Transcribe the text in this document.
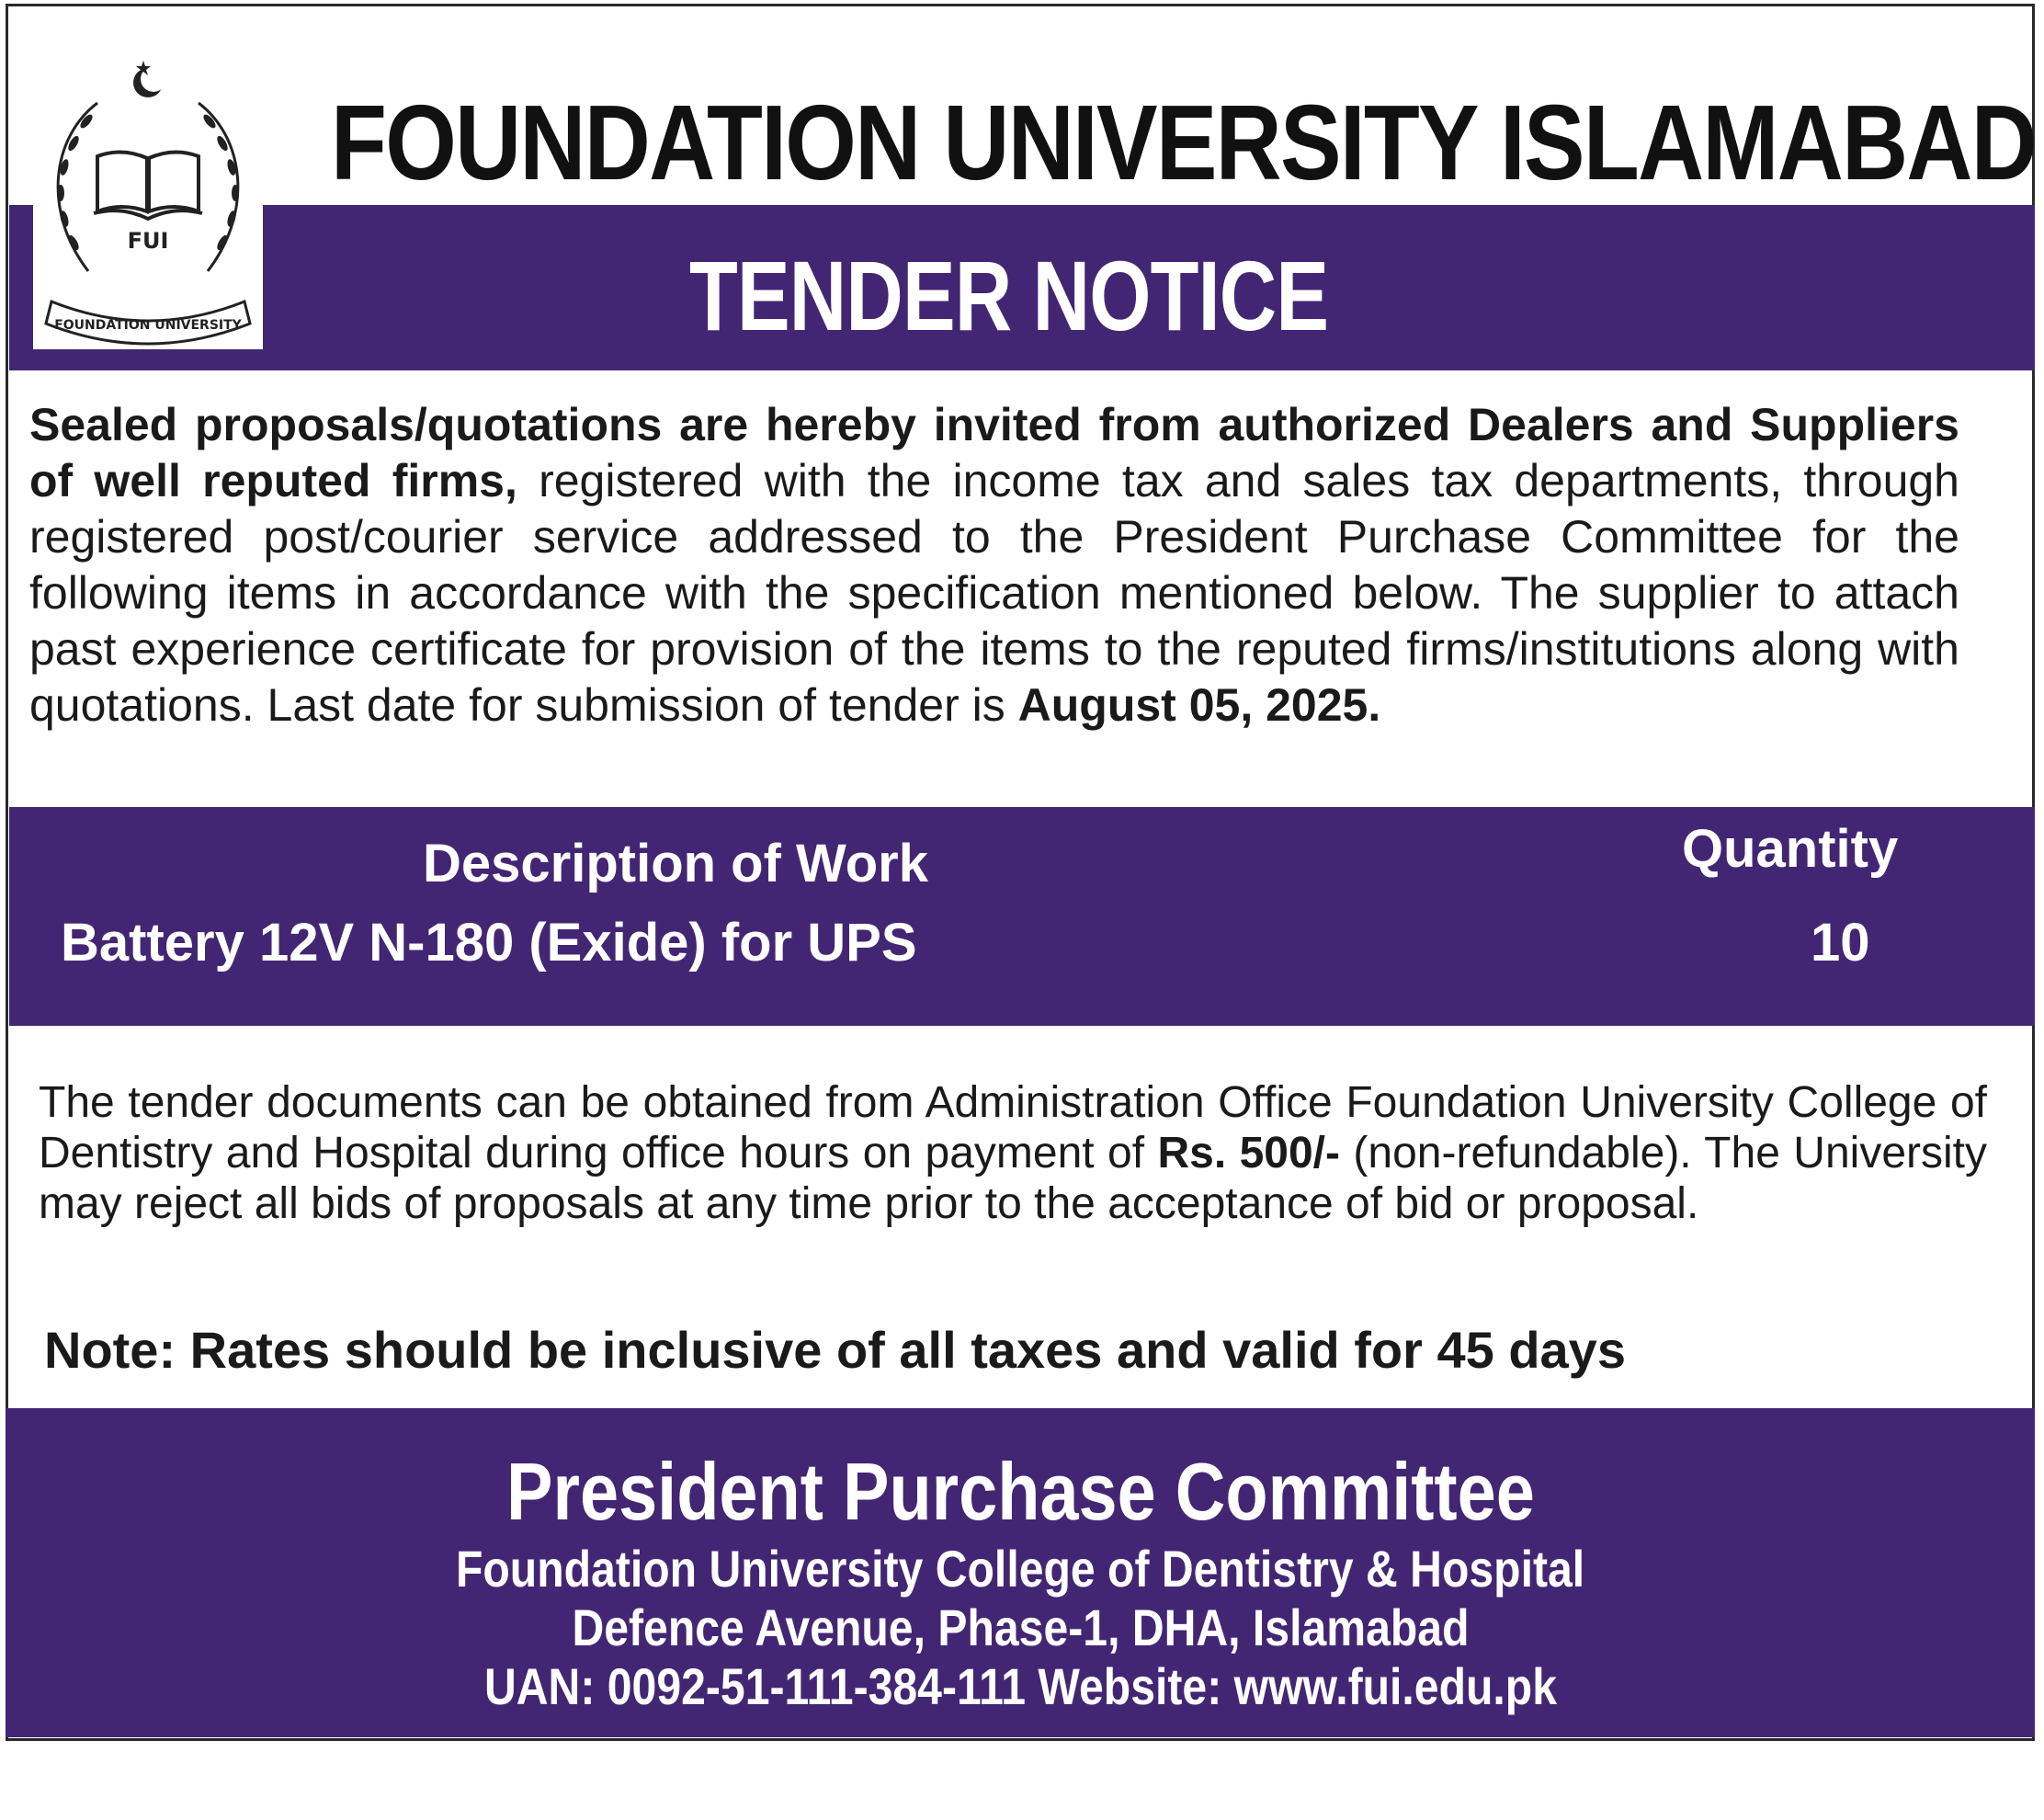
TENDER NOTICE
FOUNDATION UNIVERSITY ISLAMABAD
FUI
FOUNDATION UNIVERSITY
Sealed proposals/quotations are hereby invited from authorized Dealers and Suppliers of well reputed firms, registered with the income tax and sales tax departments, through registered post/courier service addressed to the President Purchase Committee for the following items in accordance with the specification mentioned below. The supplier to attach past experience certificate for provision of the items to the reputed firms/institutions along with quotations. Last date for submission of tender is August 05, 2025.
Description of Work	Quantity
Battery 12V N-180 (Exide) for UPS	10
The tender documents can be obtained from Administration Office Foundation University College of Dentistry and Hospital during office hours on payment of Rs. 500/- (non-refundable). The University may reject all bids of proposals at any time prior to the acceptance of bid or proposal.
Note: Rates should be inclusive of all taxes and valid for 45 days
President Purchase Committee
Foundation University College of Dentistry & Hospital
Defence Avenue, Phase-1, DHA, Islamabad
UAN: 0092-51-111-384-111 Website: www.fui.edu.pk
